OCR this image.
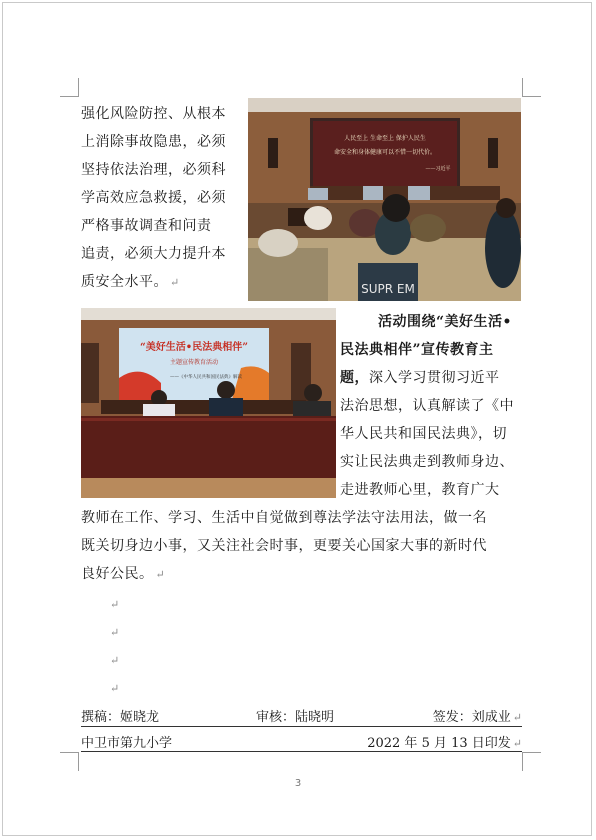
强化风险防控、从根本
上消除事故隐患，必须
坚持依法治理，必须科
学高效应急救援，必须
严格事故调查和问责
追责，必须大力提升本
质安全水平。 ↵
人民至上 生命至上 保护人民生
命安全和身体健康可以不惜一切代价。
——习近平
SUPR EM
“美好生活•民法典相伴”
主题宣传教育活动
——《中华人民共和国民法典》解读
活动围绕“美好生活•
民法典相伴”宣传教育主
题，深入学习贯彻习近平
法治思想，认真解读了《中
华人民共和国民法典》，切
实让民法典走到教师身边、
走进教师心里，教育广大
教师在工作、学习、生活中自觉做到尊法学法守法用法，做一名
既关切身边小事，又关注社会时事，更要关心国家大事的新时代
良好公民。 ↵
↵
↵
↵
↵
撰稿：姬晓龙	审核：陆晓明	签发：刘成业 ↵
中卫市第九小学	2022 年 5 月 13 日印发 ↵
3
